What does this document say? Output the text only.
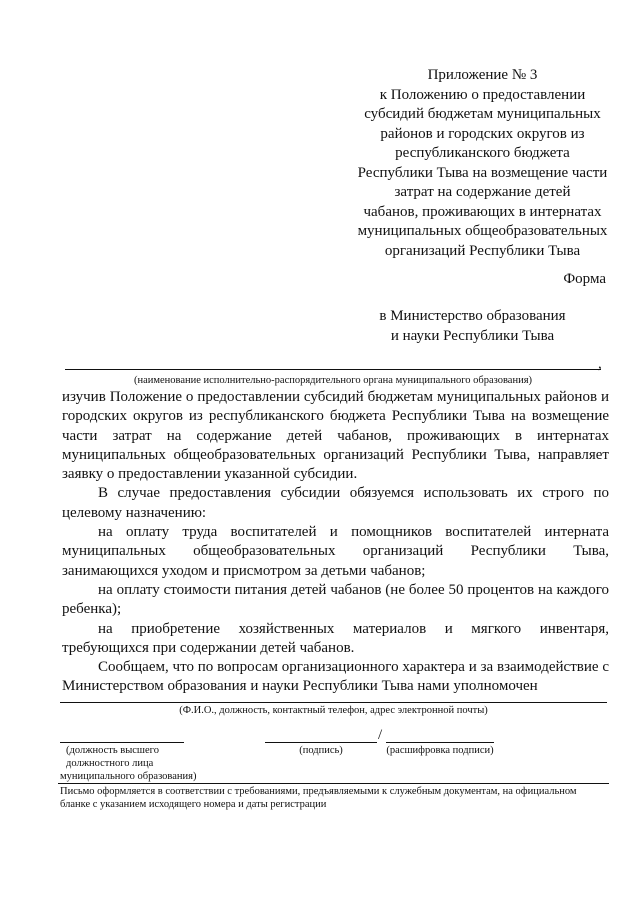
Приложение № 3
к Положению о предоставлении
субсидий бюджетам муниципальных
районов и городских округов из
республиканского бюджета
Республики Тыва на возмещение части
затрат на содержание детей
чабанов, проживающих в интернатах
муниципальных общеобразовательных
организаций Республики Тыва
Форма
в Министерство образования
и науки Республики Тыва
,
(наименование исполнительно-распорядительного органа муниципального образования)

изучив Положение о предоставлении субсидий бюджетам муниципальных районов и городских округов из республиканского бюджета Республики Тыва на возмещение части затрат на содержание детей чабанов, проживающих в интернатах муниципальных общеобразовательных организаций Республики Тыва, направляет заявку о предоставлении указанной субсидии.

В случае предоставления субсидии обязуемся использовать их строго по целевому назначению:

на оплату труда воспитателей и помощников воспитателей интерната муниципальных общеобразовательных организаций Республики Тыва, занимающихся уходом и присмотром за детьми чабанов;

на оплату стоимости питания детей чабанов (не более 50 процентов на каждого ребенка);

на приобретение хозяйственных материалов и мягкого инвентаря, требующихся при содержании детей чабанов.

Сообщаем, что по вопросам организационного характера и за взаимодействие с Министерством образования и науки Республики Тыва нами уполномочен

(Ф.И.О., должность, контактный телефон, адрес электронной почты)
(должность высшего
должностного лица
муниципального образования)
/
(подпись)	(расшифровка подписи)
Письмо оформляется в соответствии с требованиями, предъявляемыми к служебным документам, на официальном бланке с указанием исходящего номера и даты регистрации
